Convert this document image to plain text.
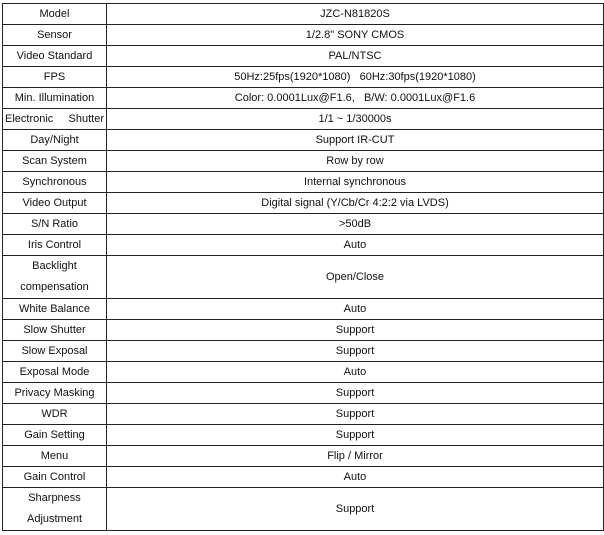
Model	JZC-N81820S
Sensor	1/2.8" SONY CMOS
Video Standard	PAL/NTSC
FPS	50Hz:25fps(1920*1080)   60Hz:30fps(1920*1080)
Min. Illumination	Color: 0.0001Lux@F1.6,   B/W: 0.0001Lux@F1.6

Electronic Shutter	1/1 ~ 1/30000s
Day/Night	Support IR-CUT
Scan System	Row by row
Synchronous	Internal synchronous
Video Output	Digital signal (Y/Cb/Cr 4:2:2 via LVDS)
S/N Ratio	>50dB
Iris Control	Auto
Backlight compensation	Open/Close
White Balance	Auto
Slow Shutter	Support
Slow Exposal	Support
Exposal Mode	Auto
Privacy Masking	Support
WDR	Support
Gain Setting	Support
Menu	Flip / Mirror
Gain Control	Auto
Sharpness Adjustment	Support
